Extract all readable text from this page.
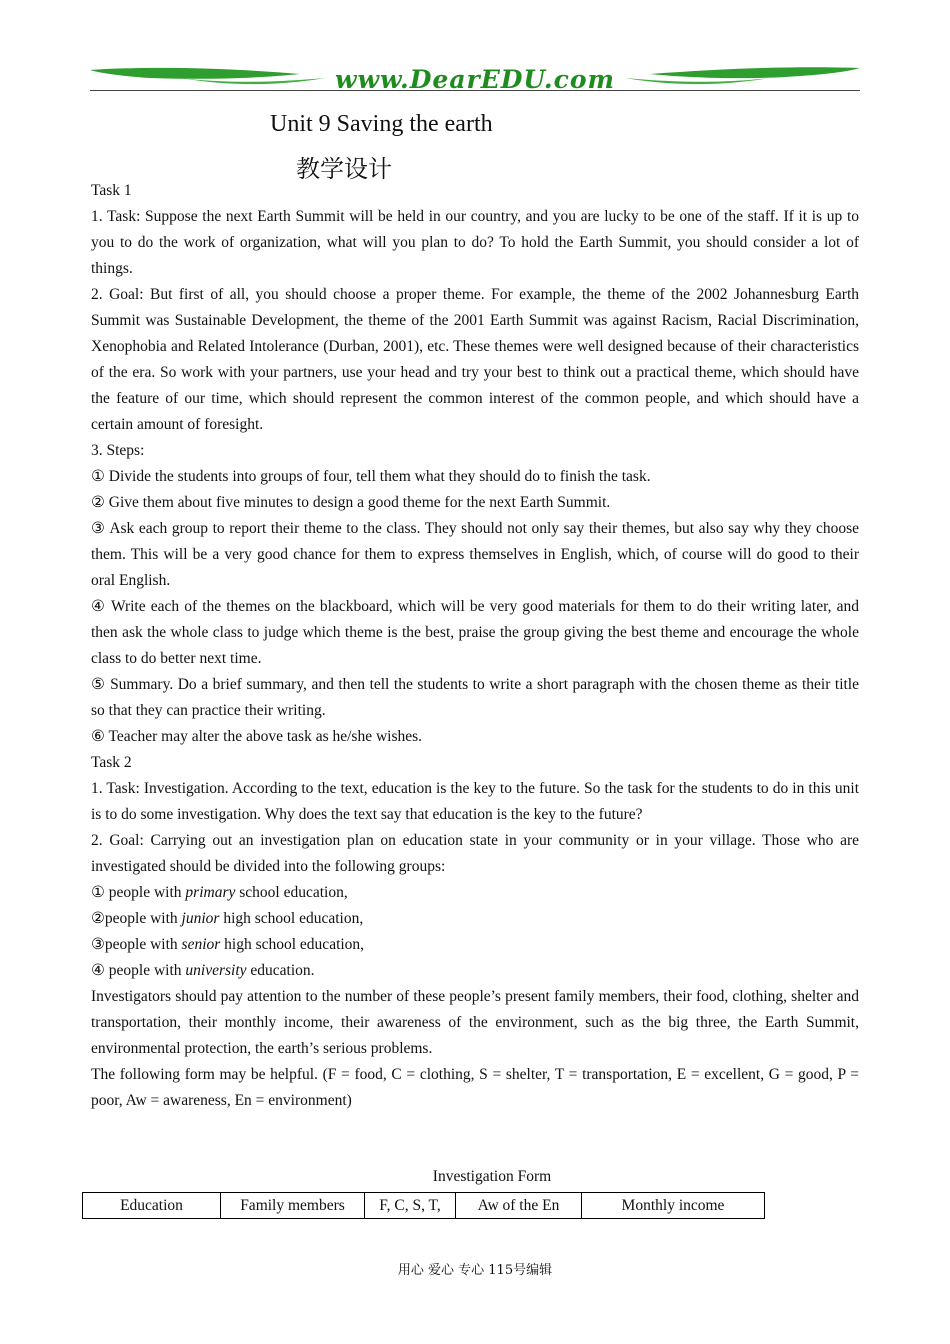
www.DearEDU.com
Unit 9 Saving the earth
教学设计

Task 1

1. Task: Suppose the next Earth Summit will be held in our country, and you are lucky to be one of the staff. If it is up to you to do the work of organization, what will you plan to do? To hold the Earth Summit, you should consider a lot of things.

2. Goal: But first of all, you should choose a proper theme. For example, the theme of the 2002 Johannesburg Earth Summit was Sustainable Development, the theme of the 2001 Earth Summit was against Racism, Racial Discrimination, Xenophobia and Related Intolerance (Durban, 2001), etc. These themes were well designed because of their characteristics of the era. So work with your partners, use your head and try your best to think out a practical theme, which should have the feature of our time, which should represent the common interest of the common people, and which should have a certain amount of foresight.

3. Steps:

① Divide the students into groups of four, tell them what they should do to finish the task.

② Give them about five minutes to design a good theme for the next Earth Summit.

③ Ask each group to report their theme to the class. They should not only say their themes, but also say why they choose them. This will be a very good chance for them to express themselves in English, which, of course will do good to their oral English.

④ Write each of the themes on the blackboard, which will be very good materials for them to do their writing later, and then ask the whole class to judge which theme is the best, praise the group giving the best theme and encourage the whole class to do better next time.

⑤ Summary. Do a brief summary, and then tell the students to write a short paragraph with the chosen theme as their title so that they can practice their writing.

⑥ Teacher may alter the above task as he/she wishes.

Task 2

1. Task: Investigation. According to the text, education is the key to the future. So the task for the students to do in this unit is to do some investigation. Why does the text say that education is the key to the future?

2. Goal: Carrying out an investigation plan on education state in your community or in your village. Those who are investigated should be divided into the following groups:

① people with primary school education,

②people with junior high school education,

③people with senior high school education,

④ people with university education.

Investigators should pay attention to the number of these people’s present family members, their food, clothing, shelter and transportation, their monthly income, their awareness of the environment, such as the big three, the Earth Summit, environmental protection, the earth’s serious problems.

The following form may be helpful. (F = food, C = clothing, S = shelter, T = transportation, E = excellent, G = good, P = poor, Aw = awareness, En = environment)

Investigation Form
Education	Family members	F, C, S, T,	Aw of the En	Monthly income
用心 爱心 专心 115号编辑
